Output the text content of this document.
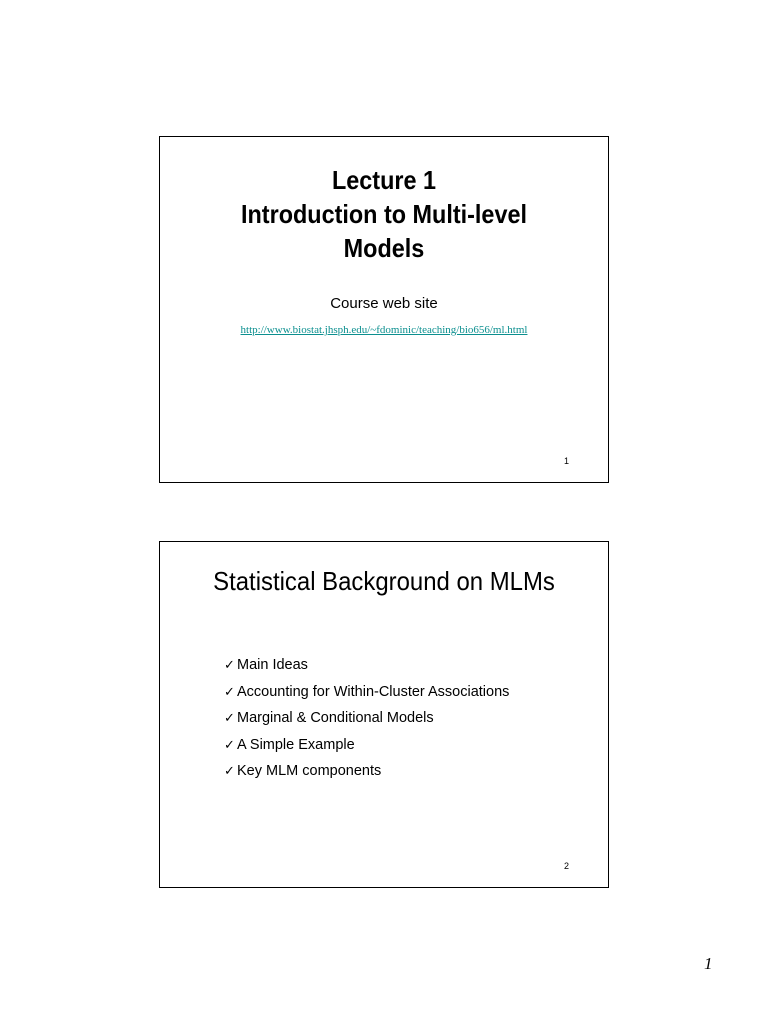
Lecture 1
Introduction to Multi-level
Models
Course web site
http://www.biostat.jhsph.edu/~fdominic/teaching/bio656/ml.html
1
Statistical Background on MLMs
✓ Main Ideas
✓ Accounting for Within-Cluster Associations
✓ Marginal & Conditional Models
✓ A Simple Example
✓ Key MLM components
2
1
